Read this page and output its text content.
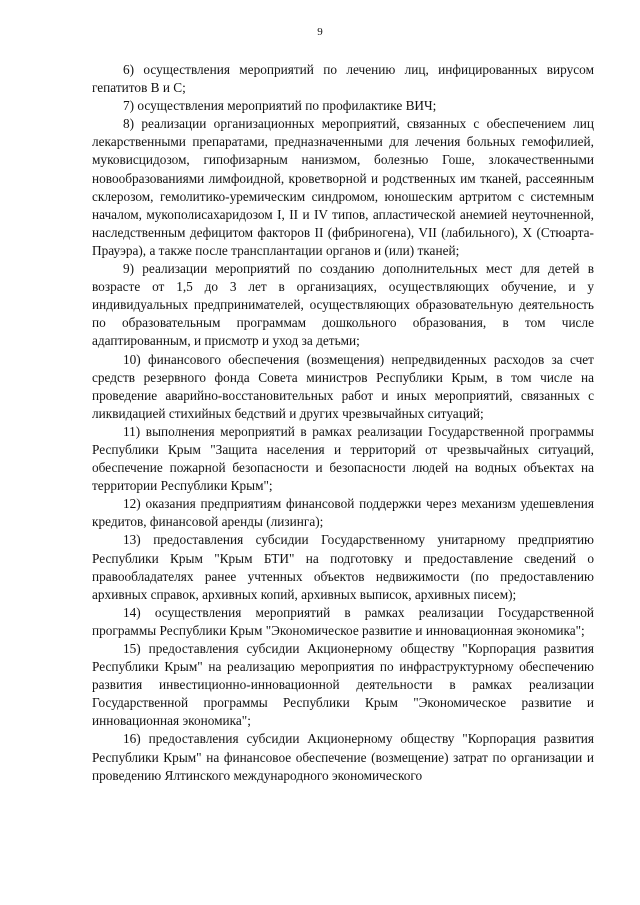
9

6) осуществления мероприятий по лечению лиц, инфицированных вирусом гепатитов В и С;

7) осуществления мероприятий по профилактике ВИЧ;

8) реализации организационных мероприятий, связанных с обеспечением лиц лекарственными препаратами, предназначенными для лечения больных гемофилией, муковисцидозом, гипофизарным нанизмом, болезнью Гоше, злокачественными новообразованиями лимфоидной, кроветворной и родственных им тканей, рассеянным склерозом, гемолитико-уремическим синдромом, юношеским артритом с системным началом, мукополисахаридозом I, II и IV типов, апластической анемией неуточненной, наследственным дефицитом факторов II (фибриногена), VII (лабильного), X (Стюарта-Прауэра), а также после трансплантации органов и (или) тканей;

9) реализации мероприятий по созданию дополнительных мест для детей в возрасте от 1,5 до 3 лет в организациях, осуществляющих обучение, и у индивидуальных предпринимателей, осуществляющих образовательную деятельность по образовательным программам дошкольного образования, в том числе адаптированным, и присмотр и уход за детьми;

10) финансового обеспечения (возмещения) непредвиденных расходов за счет средств резервного фонда Совета министров Республики Крым, в том числе на проведение аварийно-восстановительных работ и иных мероприятий, связанных с ликвидацией стихийных бедствий и других чрезвычайных ситуаций;

11) выполнения мероприятий в рамках реализации Государственной программы Республики Крым "Защита населения и территорий от чрезвычайных ситуаций, обеспечение пожарной безопасности и безопасности людей на водных объектах на территории Республики Крым";

12) оказания предприятиям финансовой поддержки через механизм удешевления кредитов, финансовой аренды (лизинга);

13) предоставления субсидии Государственному унитарному предприятию Республики Крым "Крым БТИ" на подготовку и предоставление сведений о правообладателях ранее учтенных объектов недвижимости (по предоставлению архивных справок, архивных копий, архивных выписок, архивных писем);

14) осуществления мероприятий в рамках реализации Государственной программы Республики Крым "Экономическое развитие и инновационная экономика";

15) предоставления субсидии Акционерному обществу "Корпорация развития Республики Крым" на реализацию мероприятия по инфраструктурному обеспечению развития инвестиционно-инновационной деятельности в рамках реализации Государственной программы Республики Крым "Экономическое развитие и инновационная экономика";

16) предоставления субсидии Акционерному обществу "Корпорация развития Республики Крым" на финансовое обеспечение (возмещение) затрат по организации и проведению Ялтинского международного экономического
